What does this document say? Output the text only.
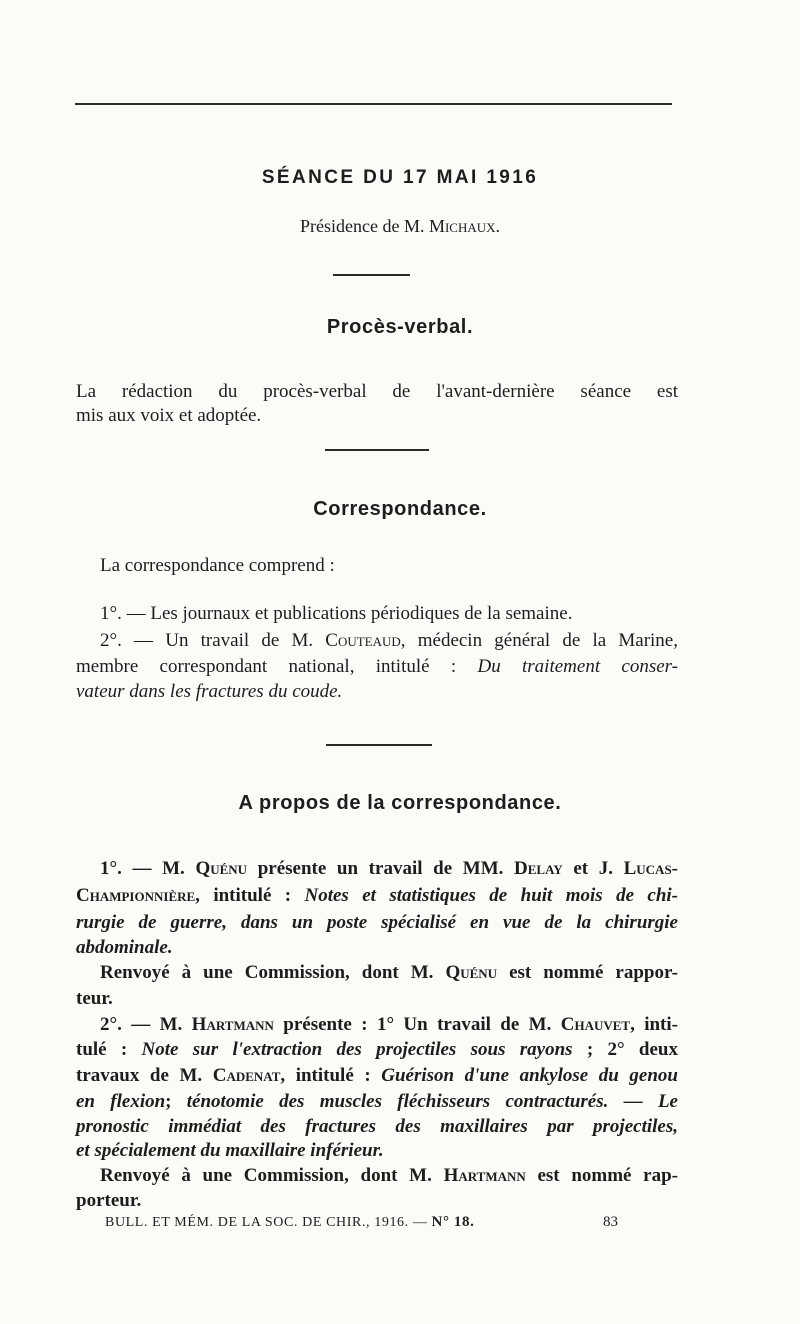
SÉANCE DU 17 MAI 1916
Présidence de M. Michaux.
Procès-verbal.
La rédaction du procès-verbal de l'avant-dernière séance est
mis aux voix et adoptée.
Correspondance.
La correspondance comprend :
1°. — Les journaux et publications périodiques de la semaine.
2°. — Un travail de M. Couteaud, médecin général de la Marine,
membre correspondant national, intitulé : Du traitement conser-
vateur dans les fractures du coude.
A propos de la correspondance.
1°. — M. Quénu présente un travail de MM. Delay et J. Lucas-
Championnière, intitulé : Notes et statistiques de huit mois de chi-
rurgie de guerre, dans un poste spécialisé en vue de la chirurgie
abdominale.
Renvoyé à une Commission, dont M. Quénu est nommé rappor-
teur.
2°. — M. Hartmann présente : 1° Un travail de M. Chauvet, inti-
tulé : Note sur l'extraction des projectiles sous rayons ; 2° deux
travaux de M. Cadenat, intitulé : Guérison d'une ankylose du genou
en flexion; ténotomie des muscles fléchisseurs contracturés. — Le
pronostic immédiat des fractures des maxillaires par projectiles,
et spécialement du maxillaire inférieur.
Renvoyé à une Commission, dont M. Hartmann est nommé rap-
porteur.
BULL. ET MÉM. DE LA SOC. DE CHIR., 1916. — N° 18.	83
